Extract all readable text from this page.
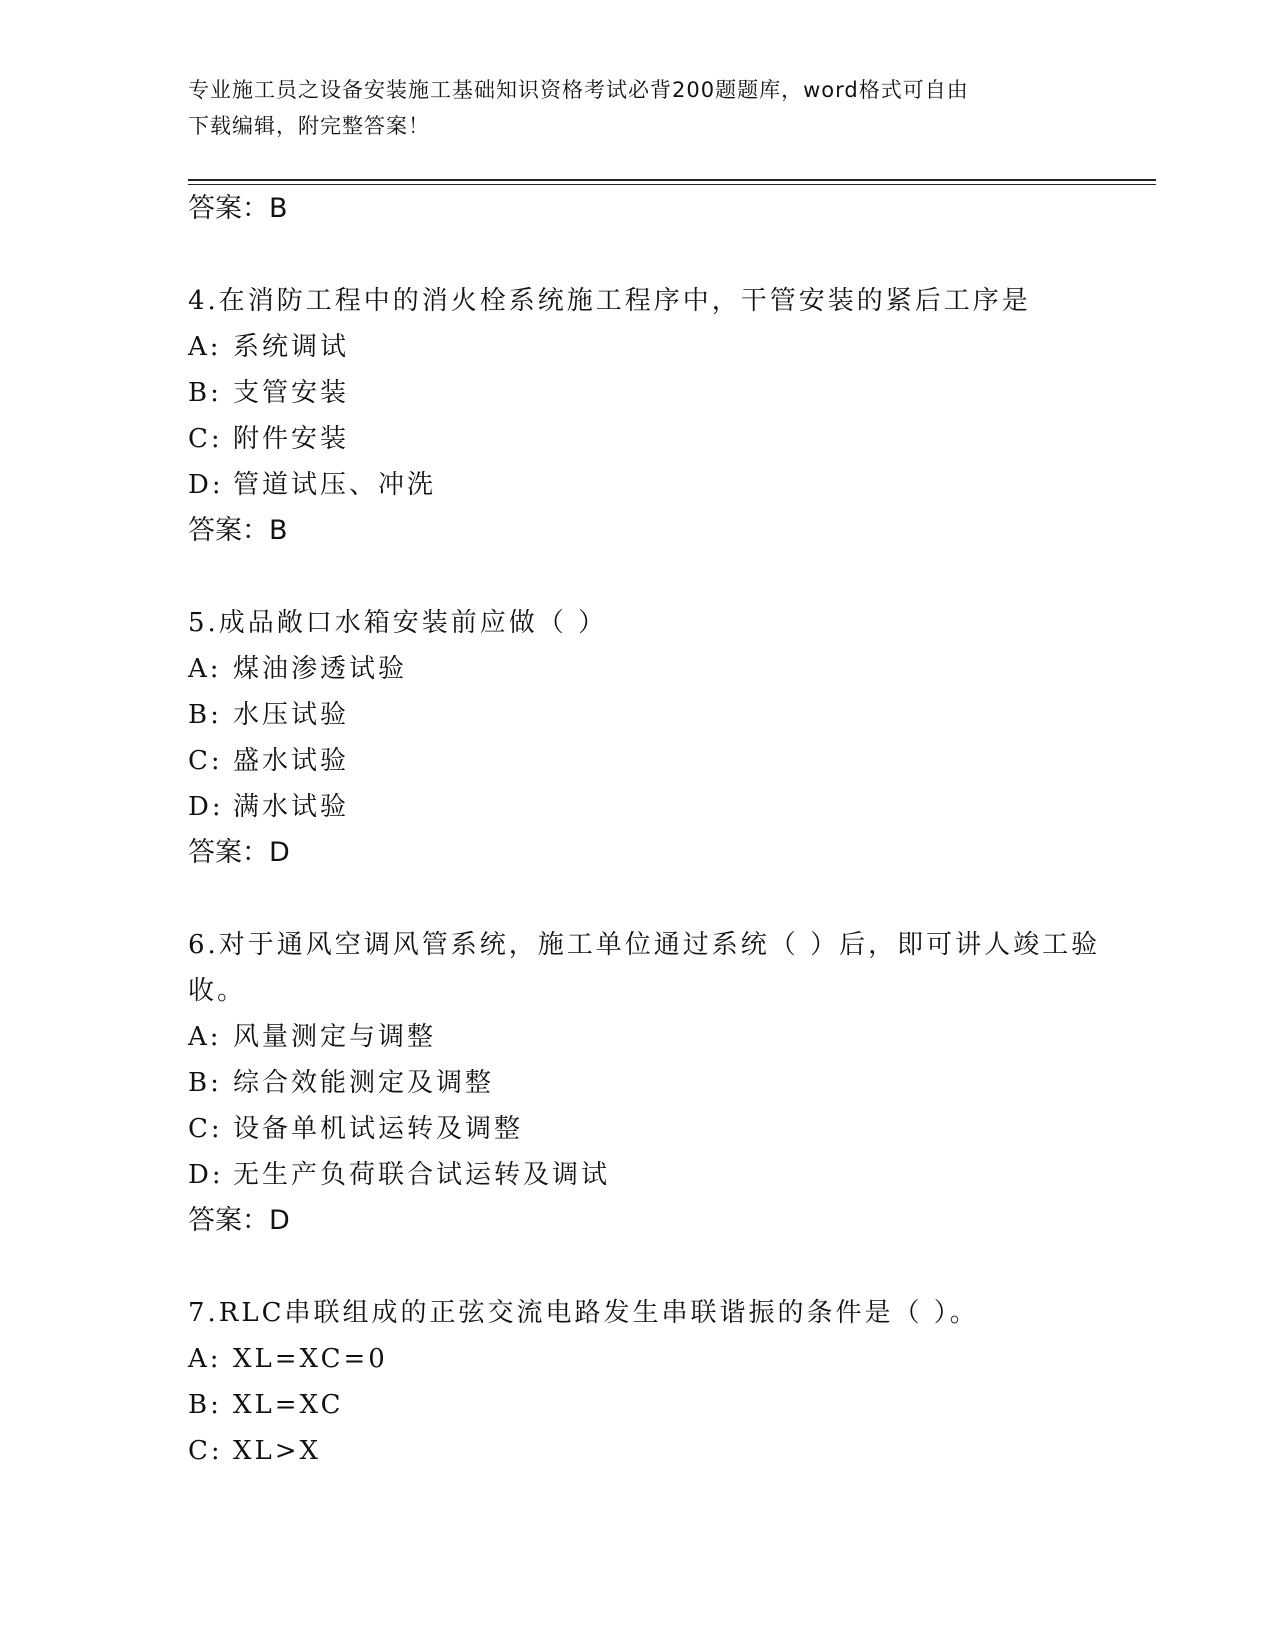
专业施工员之设备安装施工基础知识资格考试必背200题题库，word格式可自由
下载编辑，附完整答案！
答案：B
4.在消防工程中的消火栓系统施工程序中，干管安装的紧后工序是
A: 系统调试
B: 支管安装
C: 附件安装
D: 管道试压、冲洗
答案：B
5.成品敞口水箱安装前应做（ ）
A: 煤油渗透试验
B: 水压试验
C: 盛水试验
D: 满水试验
答案：D
6.对于通风空调风管系统，施工单位通过系统（ ）后，即可讲人竣工验收。
A: 风量测定与调整
B: 综合效能测定及调整
C: 设备单机试运转及调整
D: 无生产负荷联合试运转及调试
答案：D
7.RLC串联组成的正弦交流电路发生串联谐振的条件是（ ）。
A: XL=XC=0
B: XL=XC
C: XL>X
